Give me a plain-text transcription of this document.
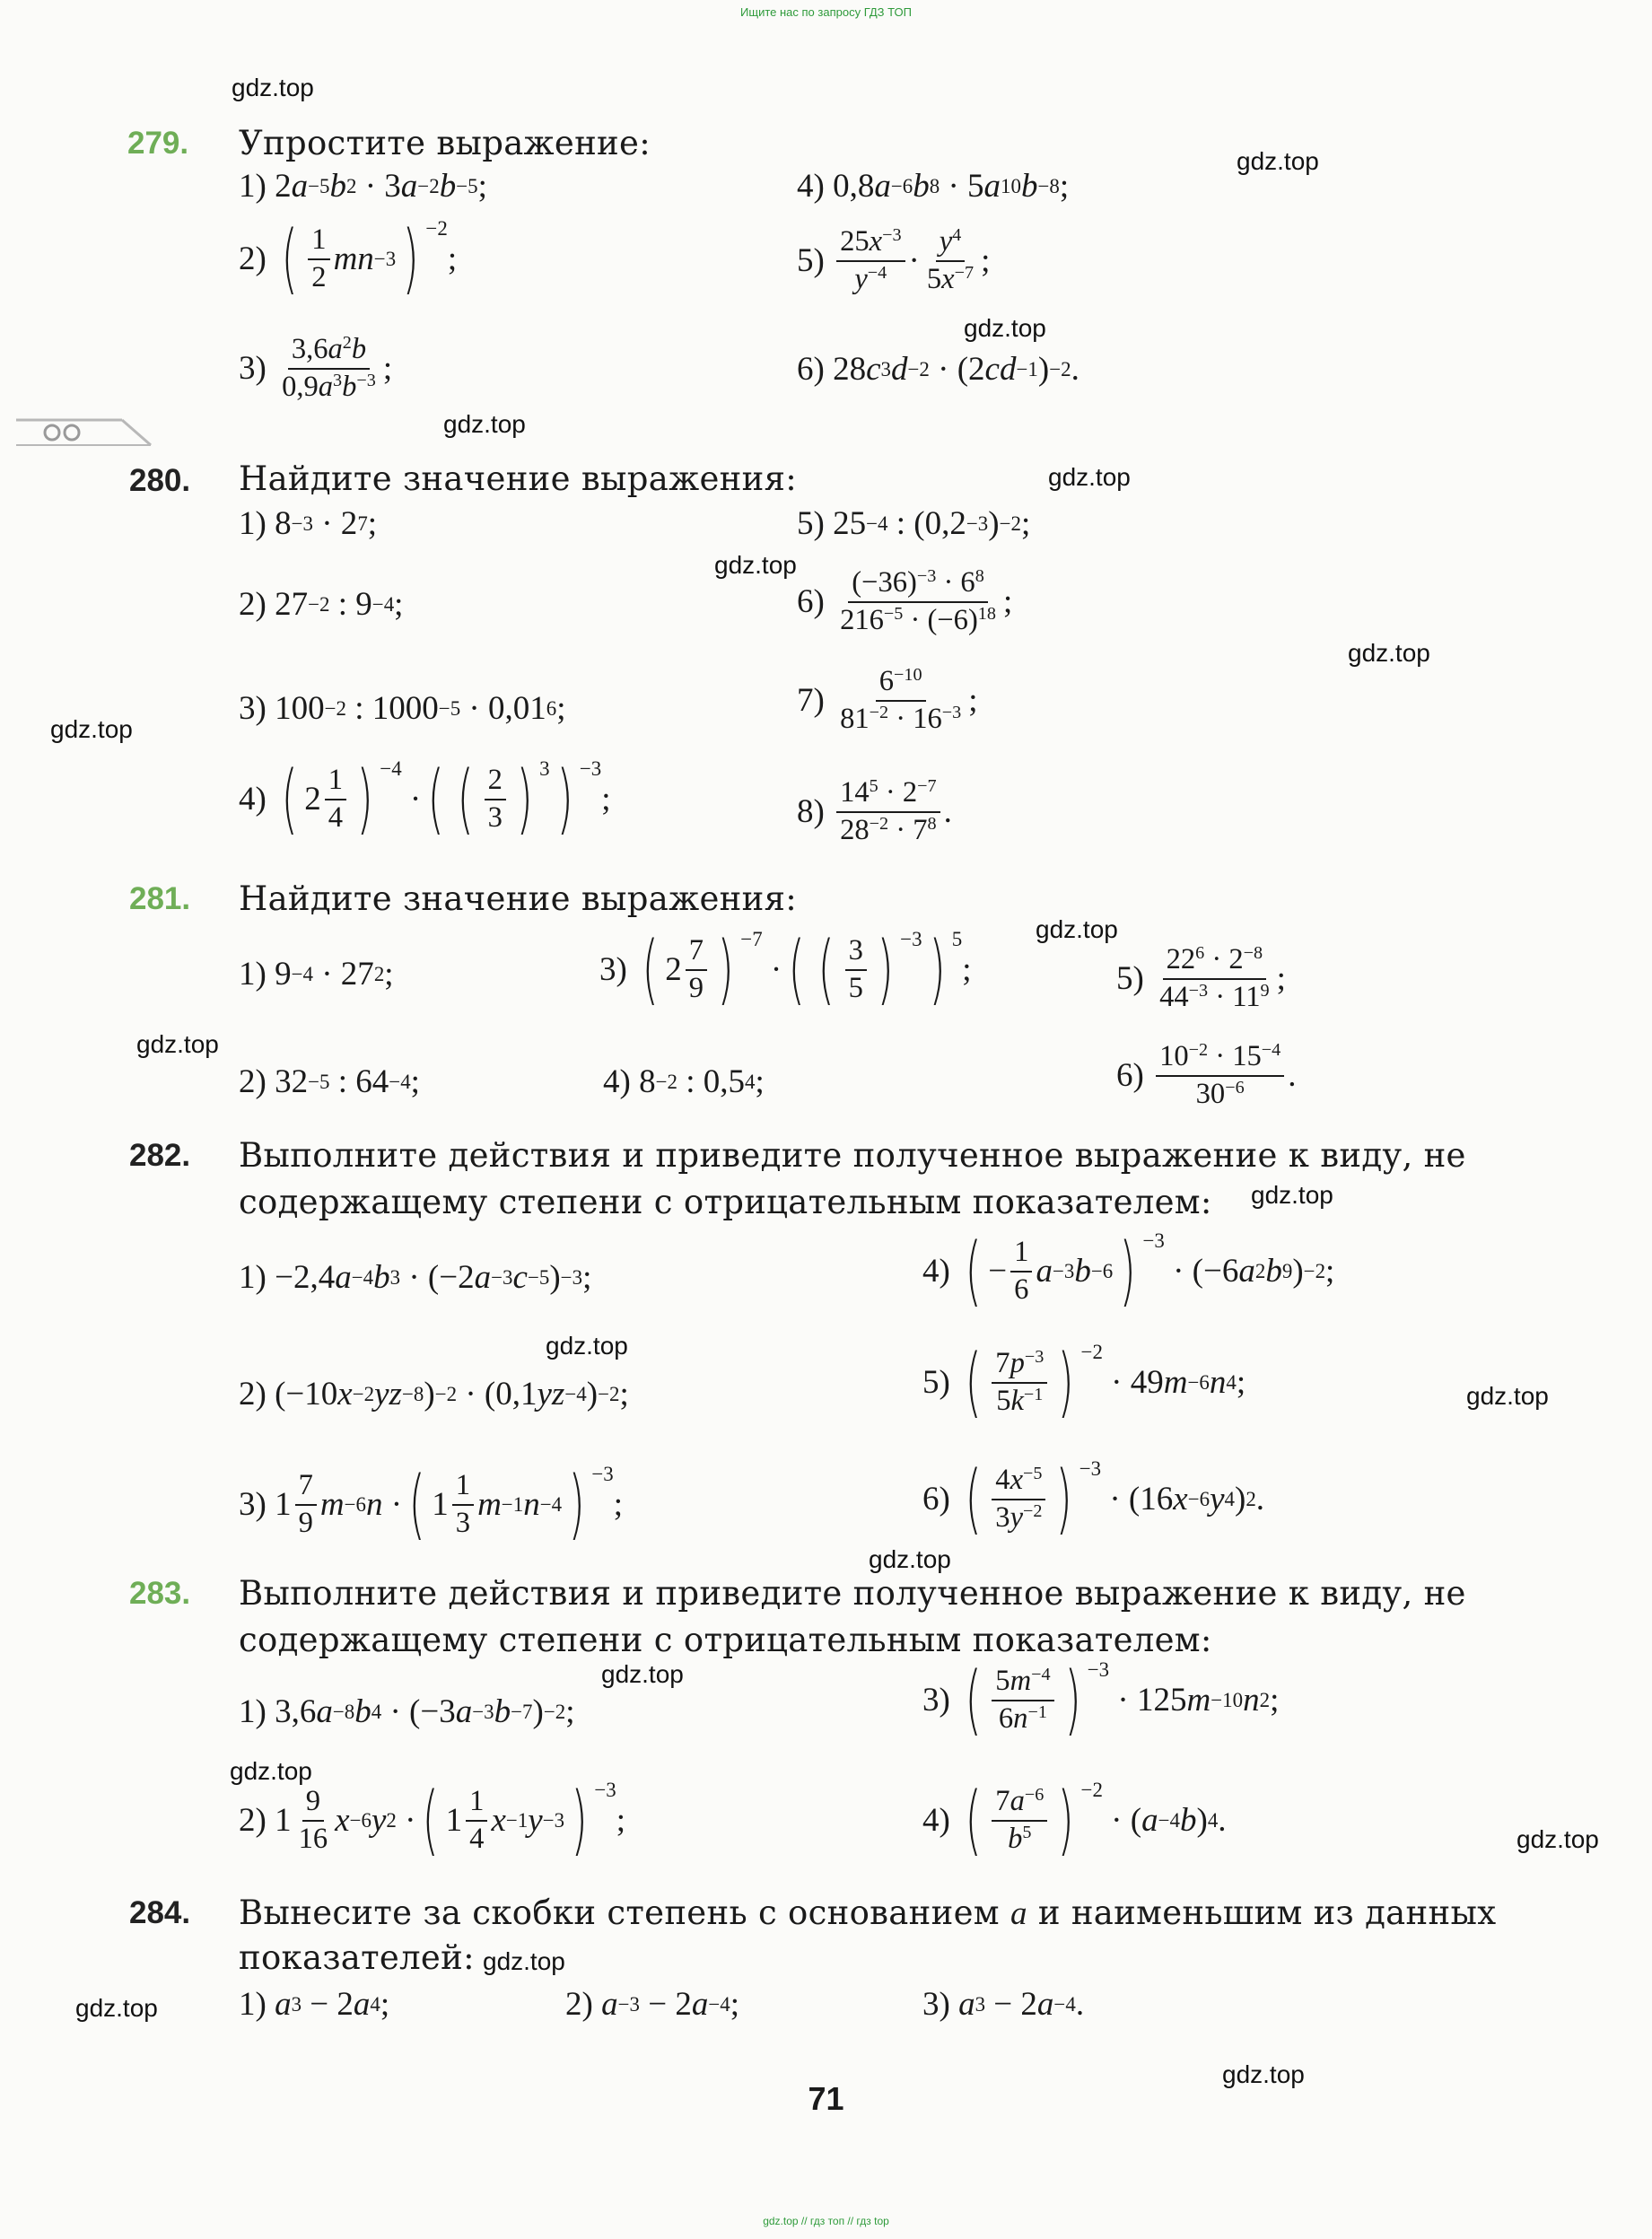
Ищите нас по запросу ГДЗ ТОП
gdz.top
gdz.top
gdz.top
gdz.top
gdz.top
gdz.top
gdz.top
gdz.top
gdz.top
gdz.top
gdz.top
gdz.top
gdz.top
gdz.top
gdz.top
gdz.top
gdz.top
gdz.top
gdz.top
gdz.top
279. Упростите выражение:
1) 2 a −5 b 2 · 3 a −2 b −5 ;	4) 0,8 a −6 b 8 · 5 a 10 b −8 ;
2)
( $\frac{1}{2}$ mn −3 ) −2
;	5)
$\frac{25x^{-3}}{y^{-4}} \cdot \frac{y^4}{5x^{-7}}$ ;
3)
$\frac{3,6a^2b}{0,9a^3b^{-3}}$ ;	6) 28 c 3 d −2 · (2 cd −1 ) −2 .
280. Найдите значение выражения:
1) 8 −3 · 2 7 ;	5) 25 −4 : (0,2 −3 ) −2 ;
2) 27 −2 : 9 −4 ;	6)
$\frac{(-36)^{-3} \cdot 6^8}{216^{-5} \cdot (-6)^{18}}$ ;
3) 100 −2 : 1000 −5 · 0,01 6 ;	7)
$\frac{6^{-10}}{81^{-2} \cdot 16^{-3}}$ ;
4)
( $2 \frac{1}{4}$ ) −4
· ( ( $\frac{2}{3}$ ) 3 ) −3
;	8)
$\frac{14^5 \cdot 2^{-7}}{28^{-2} \cdot 7^8}$ .
281. Найдите значение выражения:
1) 9 −4 · 27 2 ;	3)
( $2 \frac{7}{9}$ ) −7
· ( ( $\frac{3}{5}$ ) −3 ) 5
;	5)
$\frac{22^6 \cdot 2^{-8}}{44^{-3} \cdot 11^9}$ ;
2) 32 −5 : 64 −4 ;	4) 8 −2 : 0,5 4 ;	6)
$\frac{10^{-2} \cdot 15^{-4}}{30^{-6}}$ .
282. Выполните действия и приведите полученное выражение к виду, не
содержащему степени с отрицательным показателем:
1) −2,4 a −4 b 3 · (−2 a −3 c −5 ) −3 ;	4)
( − $\frac{1}{6}$ a −3 b −6 ) −3
· (−6 a 2 b 9 ) −2 ;
2) (−10 x −2 yz −8 ) −2 · (0,1 yz −4 ) −2 ;	5)
( $\frac{7p^{-3}}{5k^{-1}}$ ) −2
· 49 m −6 n 4 ;
3) $1 \frac{7}{9}$ m −6 n · ( $1 \frac{1}{3}$ m −1 n −4 ) −3
;	6)
( $\frac{4x^{-5}}{3y^{-2}}$ ) −3
· (16 x −6 y 4 ) 2 .
283. Выполните действия и приведите полученное выражение к виду, не
содержащему степени с отрицательным показателем:
1) 3,6 a −8 b 4 · (−3 a −3 b −7 ) −2 ;	3)
( $\frac{5m^{-4}}{6n^{-1}}$ ) −3
· 125 m −10 n 2 ;
2) $1 \frac{9}{16}$ x −6 y 2 · ( $1 \frac{1}{4}$ x −1 y −3 ) −3
;	4)
( $\frac{7a^{-6}}{b^5}$ ) −2
· ( a −4 b ) 4 .
284. Вынесите за скобки степень с основанием a и наименьшим из данных
показателей:
1)
a 3 − 2 a 4 ;	2)
a −3 − 2 a −4 ;	3)
a 3 − 2 a −4 .
71
gdz.top // гдз топ // гдз top
